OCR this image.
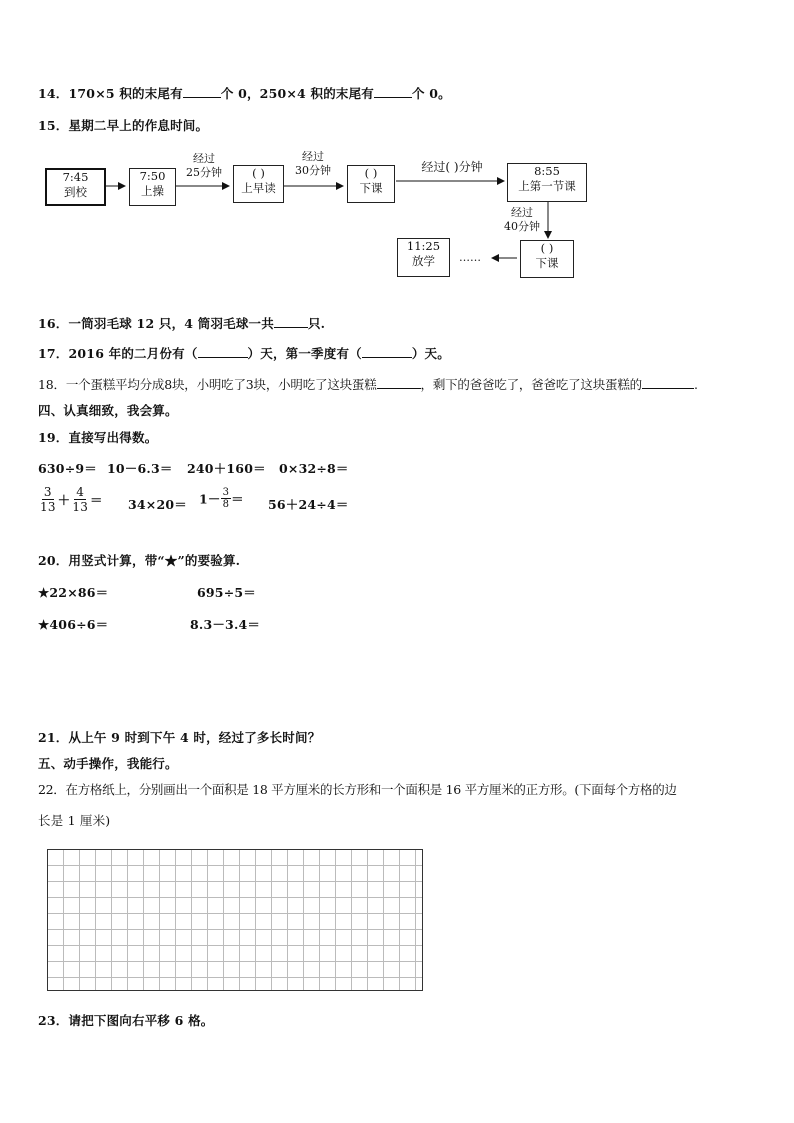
14．170×5 积的末尾有	个 0，250×4 积的末尾有	个 0。
15．星期二早上的作息时间。
7:45
到校
7:50
上操
经过
25分钟	( )
上早读
经过
30分钟	( )
下课
经过( )分钟	8:55
上第一节课
经过
40分钟
( )
下课
……
11:25
放学
16．一筒羽毛球 12 只，4 筒羽毛球一共	只.
17．2016 年的二月份有（	）天，第一季度有（	）天。
18．一个蛋糕平均分成8块，小明吃了3块，小明吃了这块蛋糕	，剩下的爸爸吃了，爸爸吃了这块蛋糕的	.
四、认真细致，我会算。
19．直接写出得数。
630÷9＝ 10－6.3＝ 240＋160＝ 0×32÷8＝
$\frac{3}{13} + \frac{4}{13} = 34\times 20= 1- \frac{3}{8} = 56+24\div 4=$
20．用竖式计算，带“★”的要验算.
★22×86＝	695÷5＝
★406÷6＝	8.3－3.4＝
21．从上午 9 时到下午 4 时，经过了多长时间？
五、动手操作，我能行。
22．在方格纸上，分别画出一个面积是 18 平方厘米的长方形和一个面积是 16 平方厘米的正方形。(下面每个方格的边
长是 1 厘米)
23．请把下图向右平移 6 格。
